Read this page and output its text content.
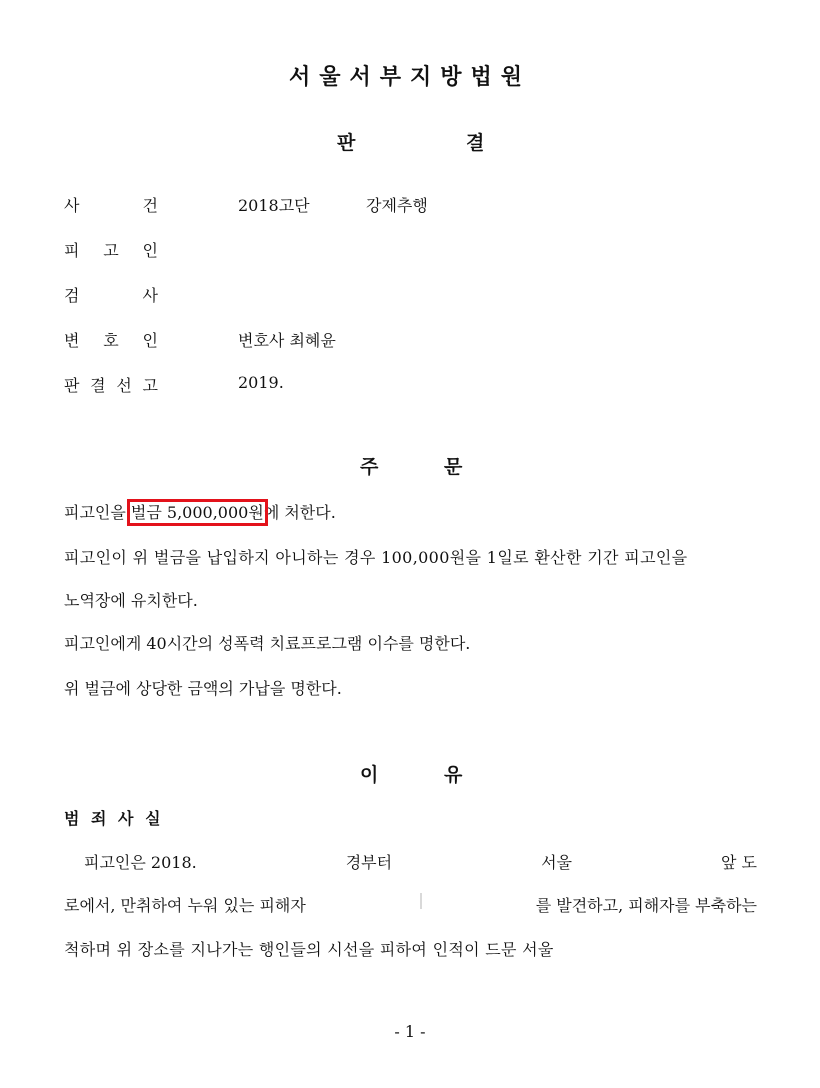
서울서부지방법원
판	결
사	건	2018고단	강제추행
피 고 인
검	사
변 호 인	변호사 최혜윤
판 결 선 고	2019.
주	문
피고인을 벌금 5,000,000원에 처한다.
피고인이 위 벌금을 납입하지 아니하는 경우 100,000원을 1일로 환산한 기간 피고인을
노역장에 유치한다.
피고인에게 40시간의 성폭력 치료프로그램 이수를 명한다.
위 벌금에 상당한 금액의 가납을 명한다.
이	유
범 죄 사 실
피고인은 2018.	경부터	서울	앞 도
로에서, 만취하여 누워 있는 피해자	를 발견하고, 피해자를 부축하는
척하며 위 장소를 지나가는 행인들의 시선을 피하여 인적이 드문 서울
- 1 -
